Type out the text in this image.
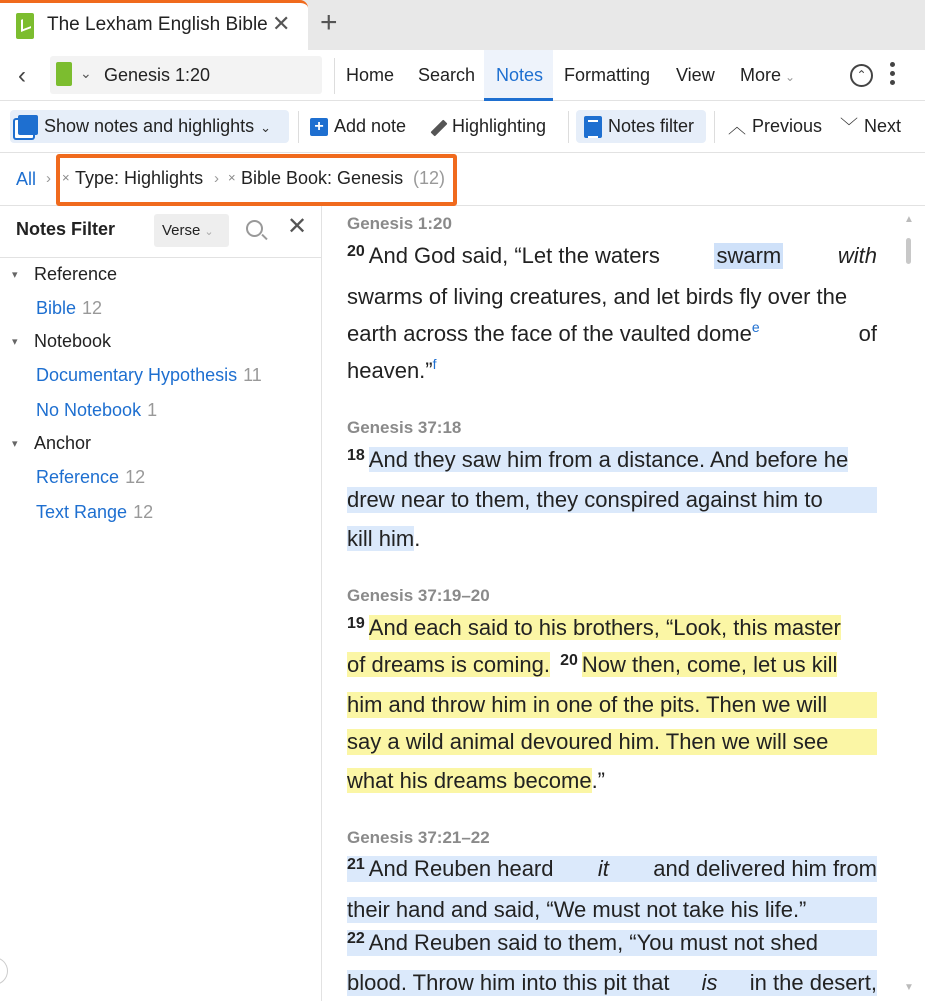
The Lexham English Bible ✕ +
‹	⌄ Genesis 1:20	Home Search Notes Formatting View More ⌄	⌃
Show notes and highlights ⌄	+ Add note	Highlighting	Notes filter	︿ Previous ﹀ Next
All › × Type: Highlights › × Bible Book: Genesis (12)
Notes Filter	Verse ⌄	✕
▾ Reference
Bible 12
▾ Notebook
Documentary Hypothesis 11
No Notebook 1
▾ Anchor
Reference 12
Text Range 12
Genesis 1:20
$^{20}$ And God said, “Let the waters	swarm	with
swarms of living creatures, and let birds fly over the
earth across the face of the vaulted dome$^e$	of
heaven.”$^f$
Genesis 37:18
$^{18}$ And they saw him from a distance. And before he
drew near to them, they conspired against him to
kill him.
Genesis 37:19–20
$^{19}$ And each said to his brothers, “Look, this master
of dreams is coming. $^{20}$ Now then, come, let us kill
him and throw him in one of the pits. Then we will
say a wild animal devoured him. Then we will see
what his dreams become.”
Genesis 37:21–22
$^{21}$ And Reuben heard it and delivered him from
their hand and said, “We must not take his life.”
$^{22}$ And Reuben said to them, “You must not shed
blood. Throw him into this pit that is in the desert,
▲
▼
